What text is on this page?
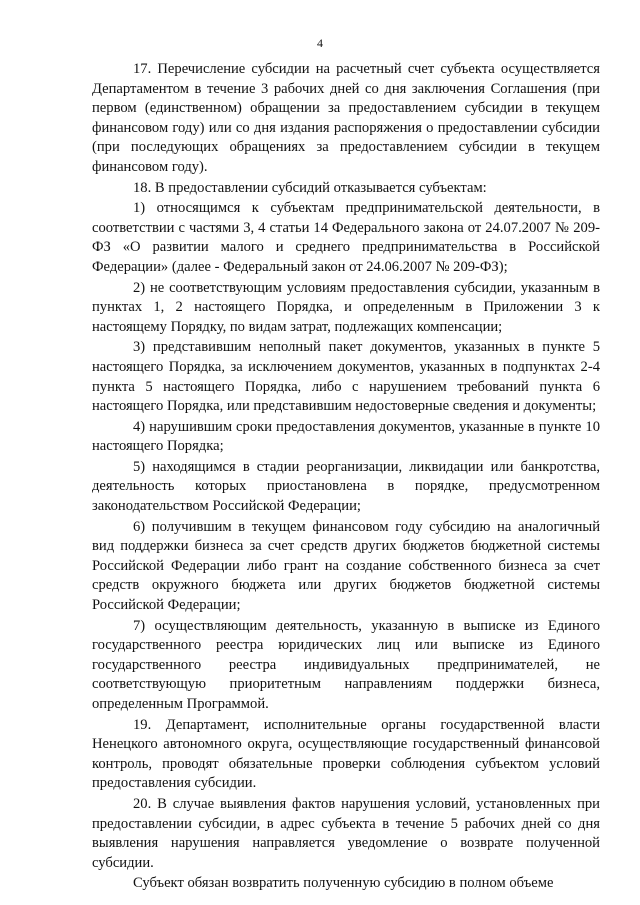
4

17. Перечисление субсидии на расчетный счет субъекта осуществляется Департаментом в течение 3 рабочих дней со дня заключения Соглашения (при первом (единственном) обращении за предоставлением субсидии в текущем финансовом году) или со дня издания распоряжения о предоставлении субсидии (при последующих обращениях за предоставлением субсидии в текущем финансовом году).

18. В предоставлении субсидий отказывается субъектам:

1) относящимся к субъектам предпринимательской деятельности, в соответствии с частями 3, 4 статьи 14 Федерального закона от 24.07.2007 № 209-ФЗ «О развитии малого и среднего предпринимательства в Российской Федерации» (далее - Федеральный закон от 24.06.2007 № 209-ФЗ);

2) не соответствующим условиям предоставления субсидии, указанным в пунктах 1, 2 настоящего Порядка, и определенным в Приложении 3 к настоящему Порядку, по видам затрат, подлежащих компенсации;

3) представившим неполный пакет документов, указанных в пункте 5 настоящего Порядка, за исключением документов, указанных в подпунктах 2-4 пункта 5 настоящего Порядка, либо с нарушением требований пункта 6 настоящего Порядка, или представившим недостоверные сведения и документы;

4) нарушившим сроки предоставления документов, указанные в пункте 10 настоящего Порядка;

5) находящимся в стадии реорганизации, ликвидации или банкротства, деятельность которых приостановлена в порядке, предусмотренном законодательством Российской Федерации;

6) получившим в текущем финансовом году субсидию на аналогичный вид поддержки бизнеса за счет средств других бюджетов бюджетной системы Российской Федерации либо грант на создание собственного бизнеса за счет средств окружного бюджета или других бюджетов бюджетной системы Российской Федерации;

7) осуществляющим деятельность, указанную в выписке из Единого государственного реестра юридических лиц или выписке из Единого государственного реестра индивидуальных предпринимателей, не соответствующую приоритетным направлениям поддержки бизнеса, определенным Программой.

19. Департамент, исполнительные органы государственной власти Ненецкого автономного округа, осуществляющие государственный финансовой контроль, проводят обязательные проверки соблюдения субъектом условий предоставления субсидии.

20. В случае выявления фактов нарушения условий, установленных при предоставлении субсидии, в адрес субъекта в течение 5 рабочих дней со дня выявления нарушения направляется уведомление о возврате полученной субсидии.

Субъект обязан возвратить полученную субсидию в полном объеме
